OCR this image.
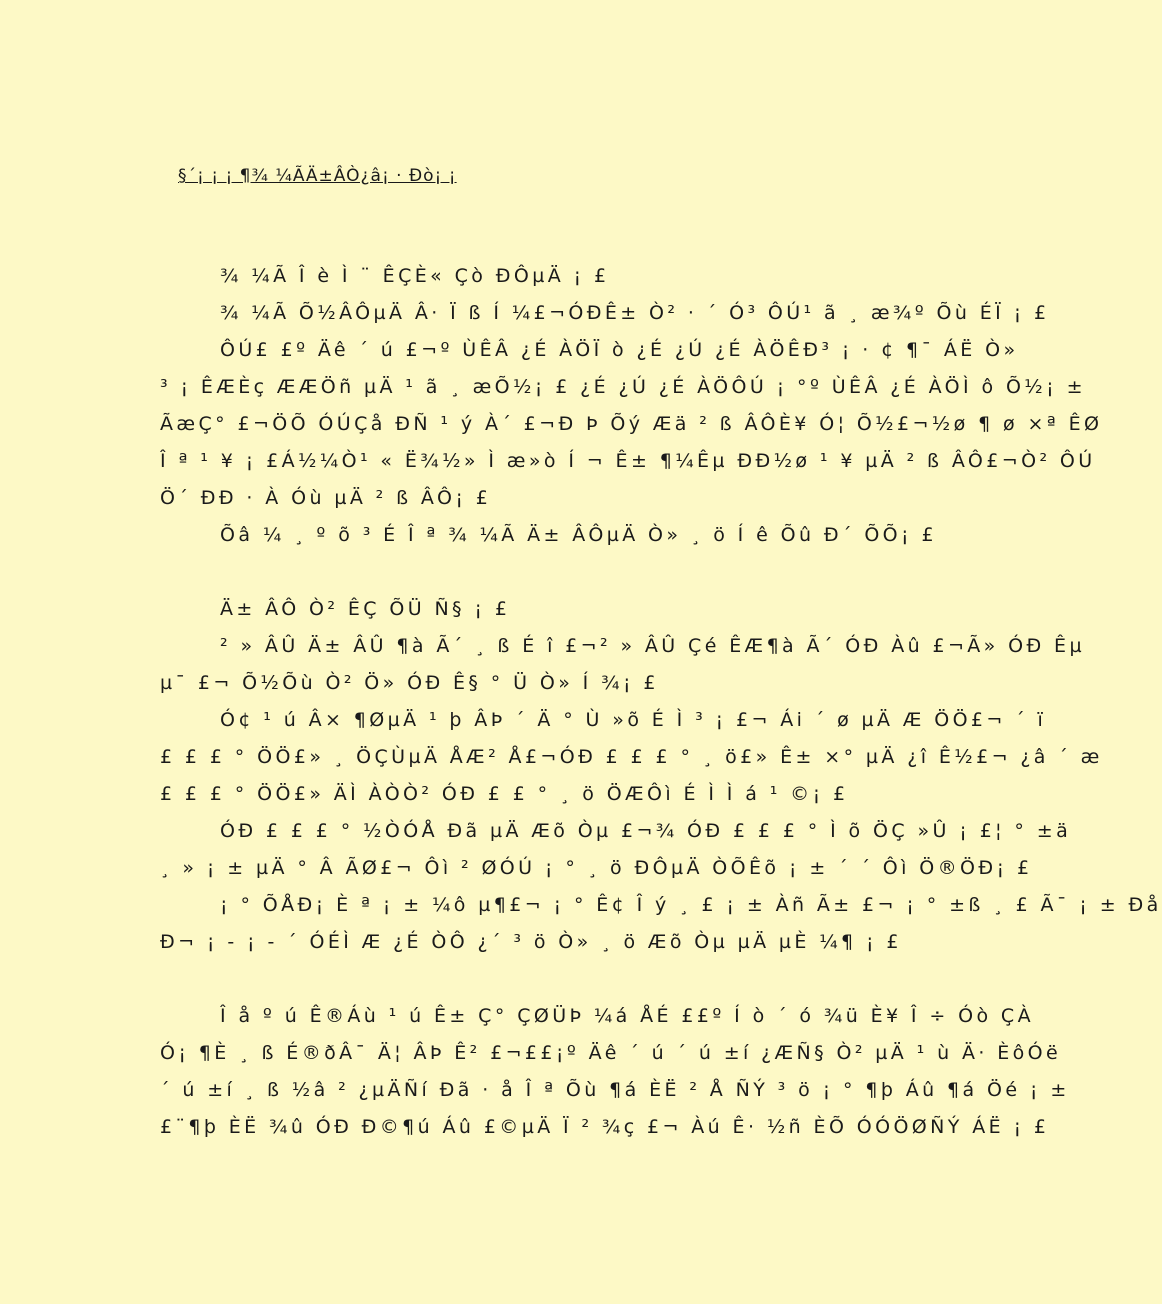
§´¡ ¡ ¡ ¶¾ ¼ÃÄ±ÂÒ¿â¡ · Ðò¡ ¡
¾ ¼Ã Î è Ì ¨ ÊÇÈ« Çò ÐÔµÄ ¡ £
¾ ¼Ã Õ½ÂÔµÄ Â· Ï ß Í ¼£¬ÓÐÊ± Ò² · ´ Ó³ ÔÚ¹ ã ¸ æ¾º Õù ÉÏ ¡ £
ÔÚ£ £º Äê ´ ú £¬º ÙÊÂ ¿É ÀÖÏ ò ¿É ¿Ú ¿É ÀÖÊÐ³ ¡ · ¢ ¶¯ ÁË Ò»
³ ¡ ÊÆÈç ÆÆÖñ µÄ ¹ ã ¸ æÕ½¡ £ ¿É ¿Ú ¿É ÀÖÔÚ ¡ °º ÙÊÂ ¿É ÀÖÌ ô Õ½¡ ±
ÃæÇ° £¬ÖÕ ÓÚÇå ÐÑ ¹ ý À´ £¬Ð Þ Õý Æä ² ß ÂÔÈ¥ Ó¦ Õ½£¬½ø ¶ ø ×ª ÊØ
Î ª ¹ ¥ ¡ £Á½¼Ò¹ « Ë¾½» Ì æ»ò Í ¬ Ê± ¶¼Êµ ÐÐ½ø ¹ ¥ µÄ ² ß ÂÔ£¬Ò² ÔÚ
Ö´ ÐÐ · À Óù µÄ ² ß ÂÔ¡ £
Õâ ¼ ¸ º õ ³ É Î ª ¾ ¼Ã Ä± ÂÔµÄ Ò» ¸ ö Í ê Õû Ð´ ÕÕ¡ £
Ä± ÂÔ Ò² ÊÇ ÕÜ Ñ§ ¡ £
² » ÂÛ Ä± ÂÛ ¶à Ã´ ¸ ß É î £¬² » ÂÛ Çé ÊÆ¶à Ã´ ÓÐ Àû £¬Ã» ÓÐ Êµ
µ¯ £¬ Õ½Õù Ò² Ö» ÓÐ Ê§ ° Ü Ò» Í ¾¡ £
Ó¢ ¹ ú Â× ¶ØµÄ ¹ þ ÂÞ ´ Ä ° Ù »õ É Ì ³ ¡ £¬ Ái ´ ø µÄ Æ ÖÖ£¬ ´ ï
£ £ £ ° ÖÖ£» ¸ ÖÇÙµÄ ÅÆ² Å£¬ÓÐ £ £ £ ° ¸ ö£» Ê± ×° µÄ ¿î Ê½£¬ ¿â ´ æ
£ £ £ ° ÖÖ£» ÄÌ ÀÒÒ² ÓÐ £ £ ° ¸ ö ÖÆÔì É Ì Ì á ¹ ©¡ £
ÓÐ £ £ £ ° ½ÒÓÅ Ðã µÄ Æõ Òµ £¬¾ ÓÐ £ £ £ ° Ì õ ÖÇ »Û ¡ £¦ ° ±ä
¸ » ¡ ± µÄ ° Â ÃØ£¬ Ôì ² ØÓÚ ¡ ° ¸ ö ÐÔµÄ ÒÕÊõ ¡ ± ´ ´ Ôì Ö®ÖÐ¡ £
¡ ° ÕÅÐ¡ È ª ¡ ± ¼ô µ¶£¬ ¡ ° Ê¢ Î ý ¸ £ ¡ ± Àñ Ã± £¬ ¡ ° ±ß ¸ £ Ã¯ ¡ ± Ðå
Ð¬ ¡ - ¡ - ´ ÓÉÌ Æ ¿É ÒÔ ¿´ ³ ö Ò» ¸ ö Æõ Òµ µÄ µÈ ¼¶ ¡ £
Î å º ú Ê®Áù ¹ ú Ê± Ç° ÇØÜÞ ¼á ÅÉ ££º Í ò ´ ó ¾ü È¥ Î ÷ Óò ÇÀ
Ó¡ ¶È ¸ ß É®ðÂ¯ Ä¦ ÂÞ Ê² £¬££¡º Äê ´ ú ´ ú ±í ¿ÆÑ§ Ò² µÄ ¹ ù Ä· ÈôÓë
´ ú ±í ¸ ß ½â ² ¿µÄÑí Ðã · å Î ª Õù ¶á ÈË ² Å ÑÝ ³ ö ¡ ° ¶þ Áû ¶á Öé ¡ ±
£¨¶þ ÈË ¾û ÓÐ Ð©¶ú Áû £©µÄ Ï ² ¾ç £¬ Àú Ê· ½ñ ÈÕ ÓÓÖØÑÝ ÁË ¡ £
